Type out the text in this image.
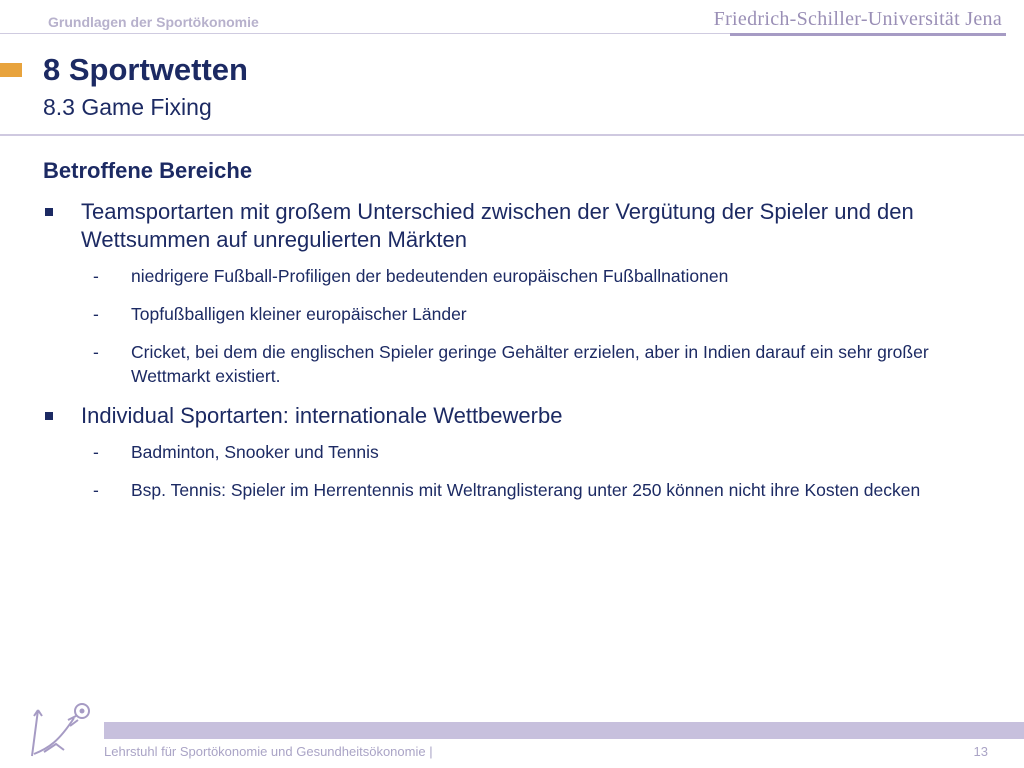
Grundlagen der Sportökonomie	Friedrich-Schiller-Universität Jena
8 Sportwetten
8.3 Game Fixing
Betroffene Bereiche
Teamsportarten mit großem Unterschied zwischen der Vergütung der Spieler und den Wettsummen auf unregulierten Märkten
- niedrigere Fußball-Profiligen der bedeutenden europäischen Fußballnationen
- Topfußballigen kleiner europäischer Länder
- Cricket, bei dem die englischen Spieler geringe Gehälter erzielen, aber in Indien darauf ein sehr großer Wettmarkt existiert.
Individual Sportarten: internationale Wettbewerbe
- Badminton, Snooker und Tennis
- Bsp. Tennis: Spieler im Herrentennis mit Weltranglisterang unter 250 können nicht ihre Kosten decken
Lehrstuhl für Sportökonomie und Gesundheitsökonomie |	13
